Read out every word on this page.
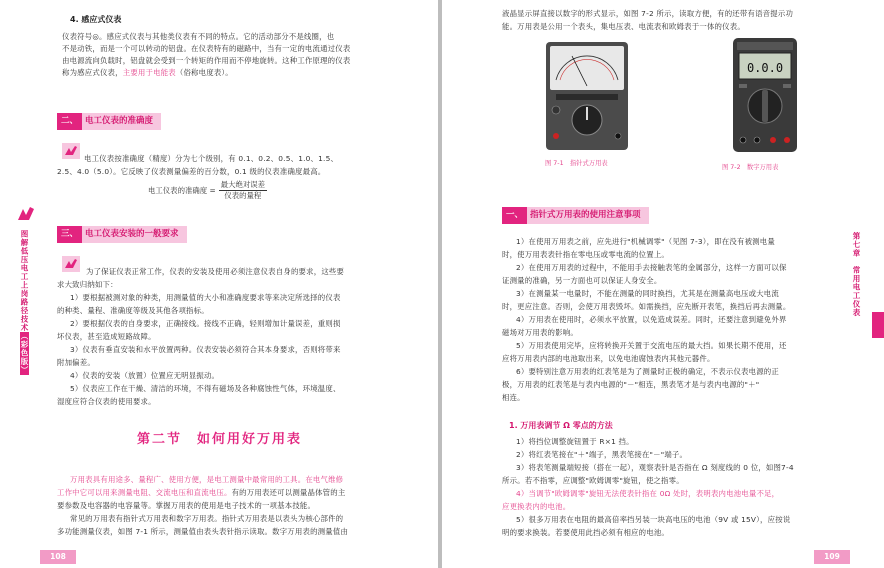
4. 感应式仪表
仪表符号◎。感应式仪表与其他类仪表有不同的特点。它的活动部分不是线圈，也
不是动铁，而是一个可以转动的铝盘。在仪表特有的磁路中，当有一定的电流通过仪表
由电源流向负载时，铝盘就会受到一个转矩的作用而不停地旋转。这种工作原理的仪表
称为感应式仪表，主要用于电能表（俗称电度表）。
二、 电工仪表的准确度
电工仪表按准确度（精度）分为七个级别，有 0.1、0.2、0.5、1.0、1.5、
2.5、4.0（5.0）。它反映了仪表测量偏差的百分数，0.1 级的仪表准确度最高。
电工仪表的准确度 =
最大绝对误差
仪表的量程
三、 电工仪表安装的一般要求
为了保证仪表正常工作，仪表的安装及使用必须注意仪表自身的要求，这些要
求大致归纳如下：
1）要根据被测对象的种类，用测量值的大小和准确度要求等来决定所选择的仪表
的种类、量程、准确度等级及其他各项指标。
2）要根据仪表的自身要求，正确接线。接线不正确，轻则增加计量误差，重则损
坏仪表，甚至造成短路故障。
3）仪表有垂直安装和水平放置两种。仪表安装必须符合其本身要求，否则将带来
附加偏差。
4）仪表的安装（放置）位置应无明显振动。
5）仪表应工作在干燥、清洁的环境，不得有磁场及各种腐蚀性气体，环境温度、
湿度应符合仪表的使用要求。
第二节　如何用好万用表
万用表具有用途多、量程广、使用方便，是电工测量中最常用的工具。在电气维修
工作中它可以用来测量电阻、交流电压和直流电压。有的万用表还可以测量晶体管的主
要参数及电容器的电容量等。掌握万用表的使用是电子技术的一项基本技能。
常见的万用表有指针式万用表和数字万用表。指针式万用表是以表头为核心部件的
多功能测量仪表，如图 7-1 所示，测量值由表头表针指示读取。数字万用表的测量值由
图解低压电工上岗路径技术（彩色版）
108
液晶显示屏直接以数字的形式显示，如图 7-2 所示，读取方便，有的还带有语音提示功
能。万用表是公用一个表头，集电压表、电流表和欧姆表于一体的仪表。
0.0.0
图 7-1　指针式万用表
图 7-2　数字万用表
一、 指针式万用表的使用注意事项
1）在使用万用表之前，应先进行"机械调零"（见图 7-3），即在没有被测电量
时，使万用表表针指在零电压或零电流的位置上。
2）在使用万用表的过程中，不能用手去接触表笔的金属部分，这样一方面可以保
证测量的准确，另一方面也可以保证人身安全。
3）在测量某一电量时，不能在测量的同时换挡，尤其是在测量高电压或大电流
时，更应注意。否则，会使万用表毁坏。如需换挡，应先断开表笔，换挡后再去测量。
4）万用表在使用时，必须水平放置，以免造成误差。同时，还要注意到避免外界
磁场对万用表的影响。
5）万用表使用完毕，应将转换开关置于交流电压的最大挡。如果长期不使用，还
应将万用表内部的电池取出来，以免电池腐蚀表内其他元器件。
6）要特别注意万用表的红表笔是为了测量时正极的确定，不表示仪表电源的正
极，万用表的红表笔是与表内电源的"－"相连，黑表笔才是与表内电源的"＋"
相连。
1. 万用表调节 Ω 零点的方法
1）将挡位调整旋钮置于 R×1 挡。
2）将红表笔接在"＋"端子，黑表笔接在"－"端子。
3）将表笔测量端短接（搭在一起），观察表针是否指在 Ω 刻度线的 0 位，如图7-4
所示。若不指零，应调整"欧姆调零"旋钮，使之指零。
4）当调节"欧姆调零"旋钮无法使表针指在 0Ω 处时，表明表内电池电量不足，
应更换表内的电池。
5）很多万用表在电阻的最高倍率挡另装一块高电压的电池（9V 或 15V），应按说
明的要求换装。若要使用此挡必须有相应的电池。
第七章　常用电工仪表
109
